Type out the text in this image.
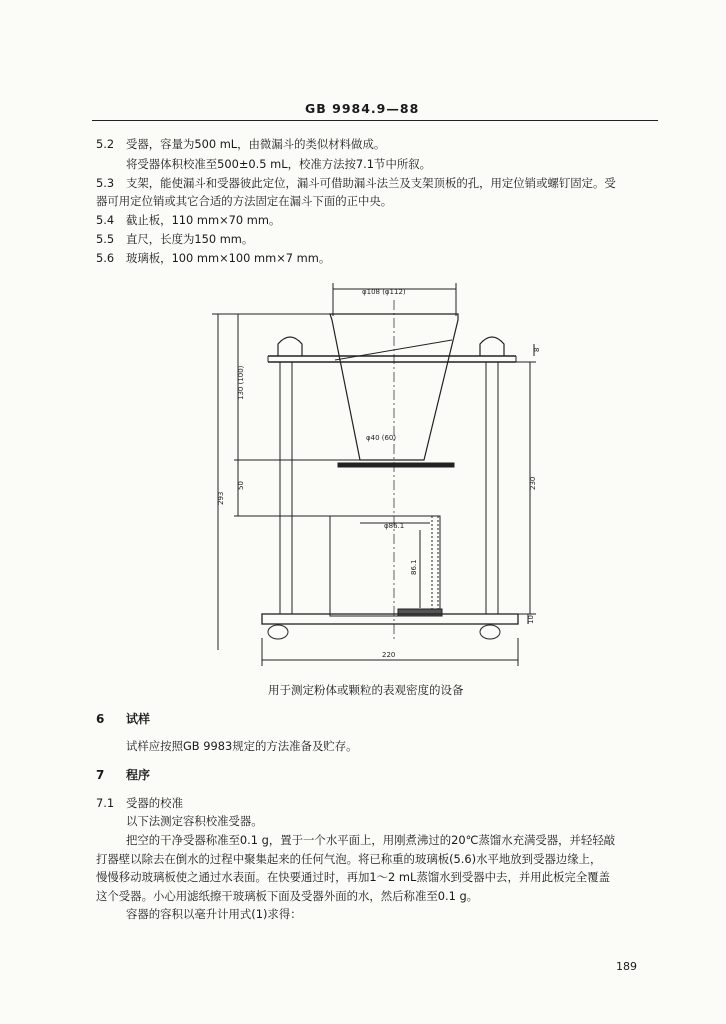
GB 9984.9—88
5.2 受器，容量为500 mL，由微漏斗的类似材料做成。
将受器体积校准至500±0.5 mL，校准方法按7.1节中所叙。
5.3 支架，能使漏斗和受器彼此定位，漏斗可借助漏斗法兰及支架顶板的孔，用定位销或螺钉固定。受
器可用定位销或其它合适的方法固定在漏斗下面的正中央。
5.4 截止板，110 mm×70 mm。
5.5 直尺，长度为150 mm。
5.6 玻璃板，100 mm×100 mm×7 mm。
φ108 (φ112)
φ40 (60)
φ86.1
86.1
130 (100)
50
293
230
8
10
220
用于测定粉体或颗粒的表观密度的设备
6 试样
试样应按照GB 9983规定的方法准备及贮存。
7 程序
7.1 受器的校准
以下法测定容积校准受器。
把空的干净受器称准至0.1 g，置于一个水平面上，用刚煮沸过的20℃蒸馏水充满受器，并轻轻敲
打器壁以除去在倒水的过程中聚集起来的任何气泡。将已称重的玻璃板(5.6)水平地放到受器边缘上，
慢慢移动玻璃板使之通过水表面。在快要通过时，再加1～2 mL蒸馏水到受器中去，并用此板完全覆盖
这个受器。小心用滤纸擦干玻璃板下面及受器外面的水，然后称准至0.1 g。
容器的容积以毫升计用式(1)求得：
189
